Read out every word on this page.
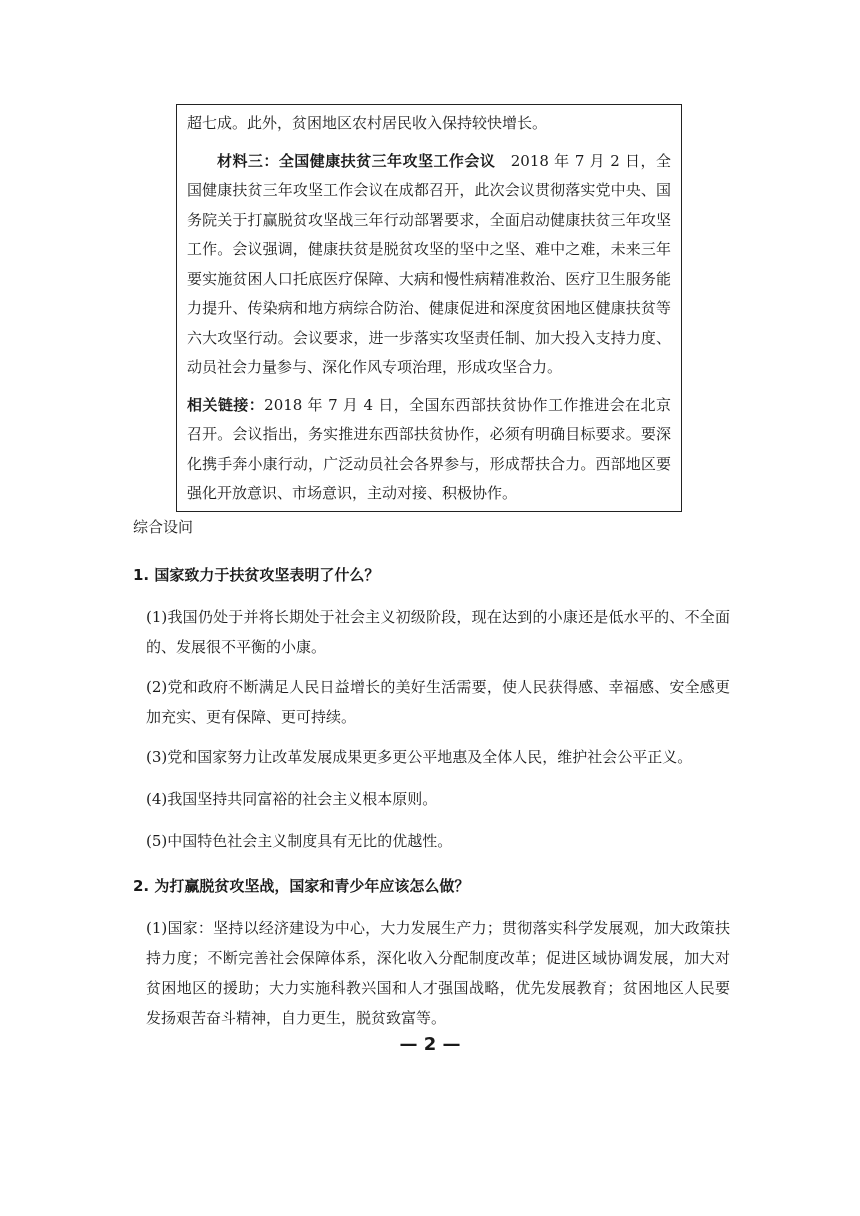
超七成。此外，贫困地区农村居民收入保持较快增长。

材料三：全国健康扶贫三年攻坚工作会议　2018 年 7 月 2 日，全国健康扶贫三年攻坚工作会议在成都召开，此次会议贯彻落实党中央、国务院关于打赢脱贫攻坚战三年行动部署要求，全面启动健康扶贫三年攻坚工作。会议强调，健康扶贫是脱贫攻坚的坚中之坚、难中之难，未来三年要实施贫困人口托底医疗保障、大病和慢性病精准救治、医疗卫生服务能力提升、传染病和地方病综合防治、健康促进和深度贫困地区健康扶贫等六大攻坚行动。会议要求，进一步落实攻坚责任制、加大投入支持力度、动员社会力量参与、深化作风专项治理，形成攻坚合力。

相关链接：2018 年 7 月 4 日，全国东西部扶贫协作工作推进会在北京召开。会议指出，务实推进东西部扶贫协作，必须有明确目标要求。要深化携手奔小康行动，广泛动员社会各界参与，形成帮扶合力。西部地区要强化开放意识、市场意识，主动对接、积极协作。

综合设问
1. 国家致力于扶贫攻坚表明了什么？

(1)我国仍处于并将长期处于社会主义初级阶段，现在达到的小康还是低水平的、不全面的、发展很不平衡的小康。

(2)党和政府不断满足人民日益增长的美好生活需要，使人民获得感、幸福感、安全感更加充实、更有保障、更可持续。

(3)党和国家努力让改革发展成果更多更公平地惠及全体人民，维护社会公平正义。

(4)我国坚持共同富裕的社会主义根本原则。

(5)中国特色社会主义制度具有无比的优越性。

2. 为打赢脱贫攻坚战，国家和青少年应该怎么做？

(1)国家：坚持以经济建设为中心，大力发展生产力；贯彻落实科学发展观，加大政策扶持力度；不断完善社会保障体系，深化收入分配制度改革；促进区域协调发展，加大对贫困地区的援助；大力实施科教兴国和人才强国战略，优先发展教育；贫困地区人民要发扬艰苦奋斗精神，自力更生，脱贫致富等。

— 2 —
